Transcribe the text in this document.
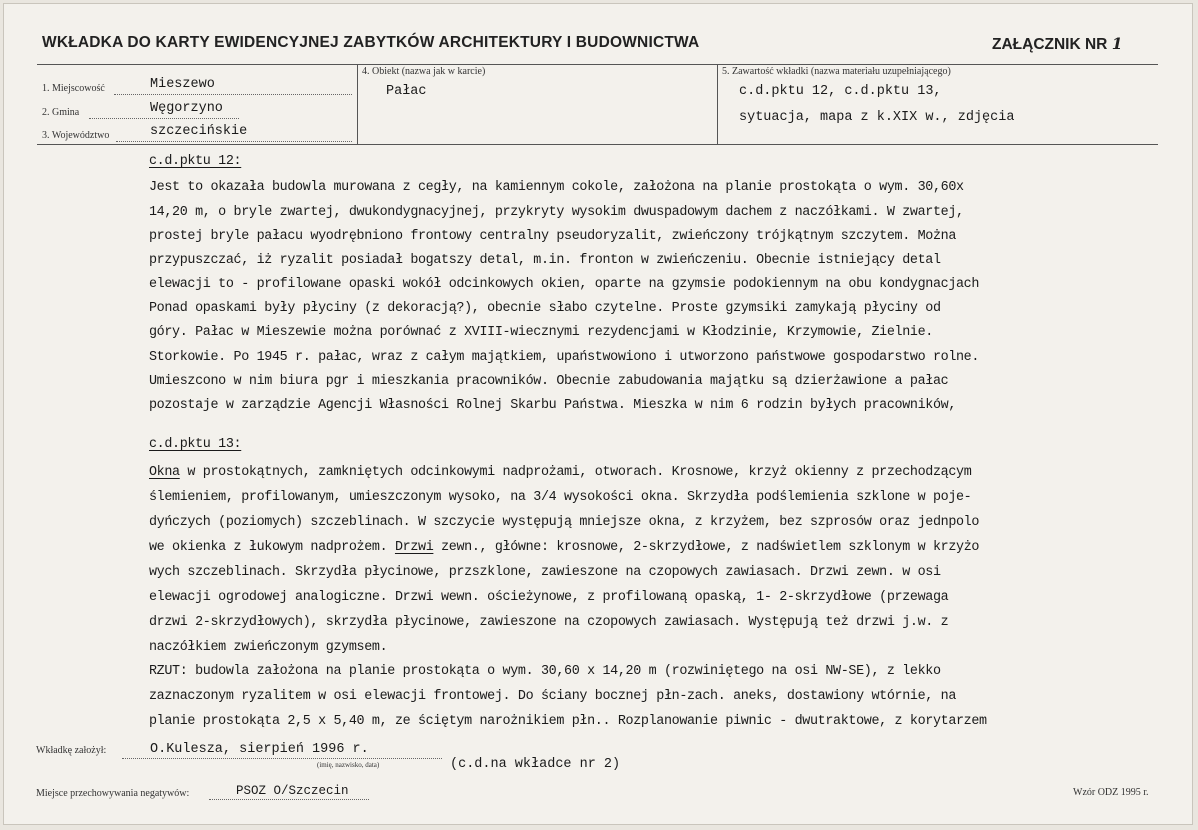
WKŁADKA DO KARTY EWIDENCYJNEJ ZABYTKÓW ARCHITEKTURY I BUDOWNICTWA	ZAŁĄCZNIK NR 1
1. Miejscowość	Mieszewo
2. Gmina	Węgorzyno
3. Województwo	szczecińskie
4. Obiekt (nazwa jak w karcie)
Pałac
5. Zawartość wkładki (nazwa materiału uzupełniającego)
c.d.pktu 12, c.d.pktu 13,
sytuacja, mapa z k.XIX w., zdjęcia
c.d.pktu 12:
Jest to okazała budowla murowana z cegły, na kamiennym cokole, założona na planie prostokąta o wym. 30,60x
14,20 m, o bryle zwartej, dwukondygnacyjnej, przykryty wysokim dwuspadowym dachem z naczółkami. W zwartej,
prostej bryle pałacu wyodrębniono frontowy centralny pseudoryzalit, zwieńczony trójkątnym szczytem. Można
przypuszczać, iż ryzalit posiadał bogatszy detal, m.in. fronton w zwieńczeniu. Obecnie istniejący detal
elewacji to - profilowane opaski wokół odcinkowych okien, oparte na gzymsie podokiennym na obu kondygnacjach
Ponad opaskami były płyciny (z dekoracją?), obecnie słabo czytelne. Proste gzymsiki zamykają płyciny od
góry. Pałac w Mieszewie można porównać z XVIII-wiecznymi rezydencjami w Kłodzinie, Krzymowie, Zielnie.
Storkowie. Po 1945 r. pałac, wraz z całym majątkiem, upaństwowiono i utworzono państwowe gospodarstwo rolne.
Umieszcono w nim biura pgr i mieszkania pracowników. Obecnie zabudowania majątku są dzierżawione a pałac
pozostaje w zarządzie Agencji Własności Rolnej Skarbu Państwa. Mieszka w nim 6 rodzin byłych pracowników,
c.d.pktu 13:
Okna w prostokątnych, zamkniętych odcinkowymi nadprożami, otworach. Krosnowe, krzyż okienny z przechodzącym
ślemieniem, profilowanym, umieszczonym wysoko, na 3/4 wysokości okna. Skrzydła podślemienia szklone w poje-
dyńczych (poziomych) szczeblinach. W szczycie występują mniejsze okna, z krzyżem, bez szprosów oraz jednpolo
we okienka z łukowym nadprożem. Drzwi zewn., główne: krosnowe, 2-skrzydłowe, z nadświetlem szklonym w krzyżo
wych szczeblinach. Skrzydła płycinowe, przszklone, zawieszone na czopowych zawiasach. Drzwi zewn. w osi
elewacji ogrodowej analogiczne. Drzwi wewn. ościeżynowe, z profilowaną opaską, 1- 2-skrzydłowe (przewaga
drzwi 2-skrzydłowych), skrzydła płycinowe, zawieszone na czopowych zawiasach. Występują też drzwi j.w. z
naczółkiem zwieńczonym gzymsem.
RZUT: budowla założona na planie prostokąta o wym. 30,60 x 14,20 m (rozwiniętego na osi NW-SE), z lekko
zaznaczonym ryzalitem w osi elewacji frontowej. Do ściany bocznej płn-zach. aneks, dostawiony wtórnie, na
planie prostokąta 2,5 x 5,40 m, ze ściętym narożnikiem płn.. Rozplanowanie piwnic - dwutraktowe, z korytarzem
Wkładkę założył:	O.Kulesza, sierpień 1996 r.
(imię, nazwisko, data)	(c.d.na wkładce nr 2)
Miejsce przechowywania negatywów:	PSOZ O/Szczecin	Wzór ODZ 1995 r.
